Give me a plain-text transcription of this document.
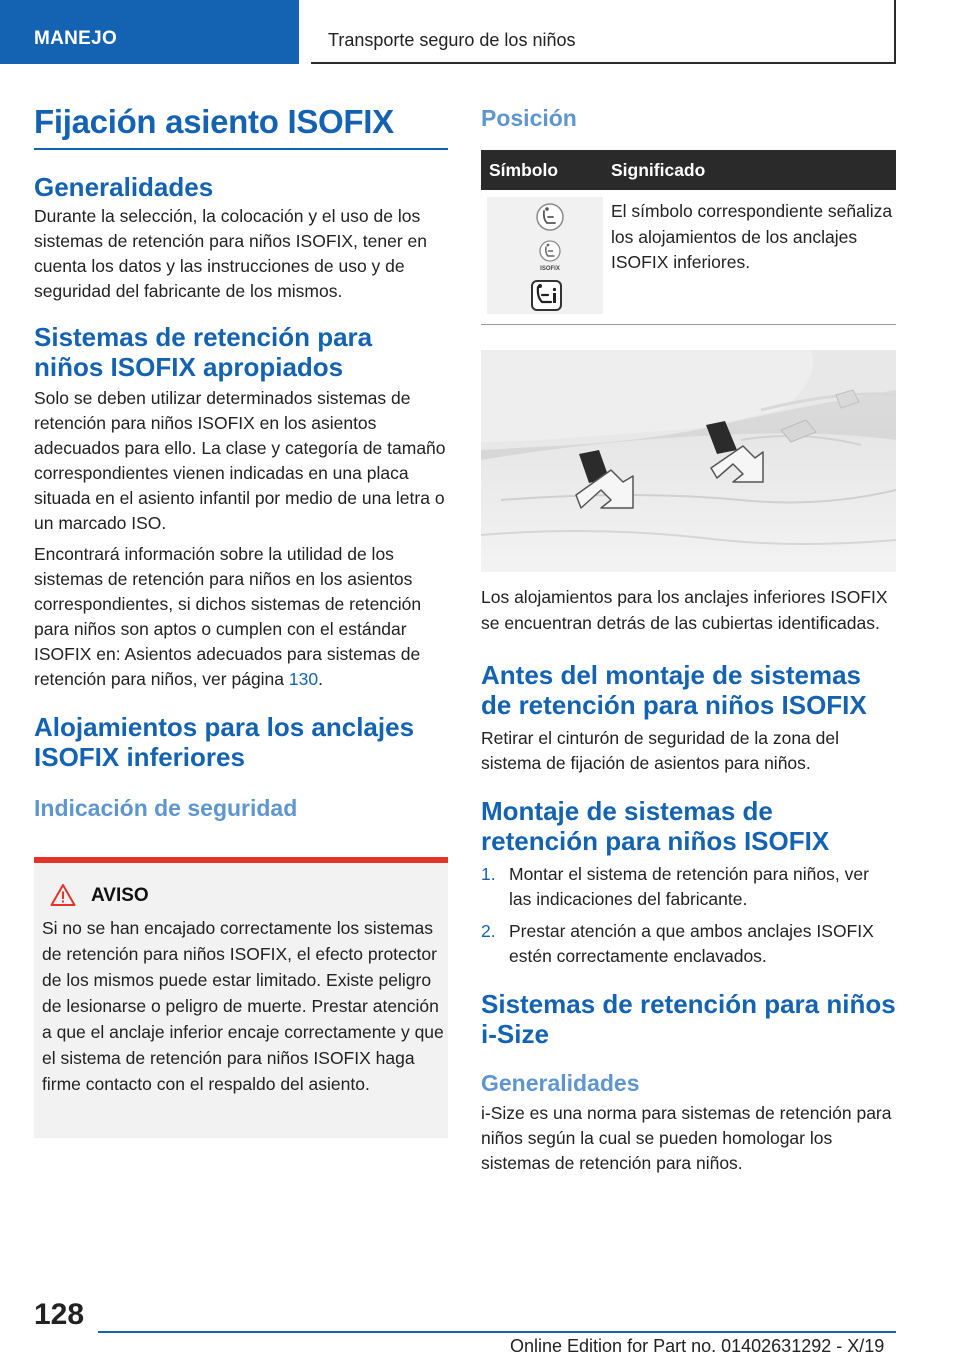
MANEJO	Transporte seguro de los niños
Fijación asiento ISOFIX
Generalidades

Durante la selección, la colocación y el uso de los sistemas de retención para niños ISOFIX, tener en cuenta los datos y las instrucciones de uso y de seguridad del fabricante de los mismos.

Sistemas de retención para niños ISOFIX apropiados

Solo se deben utilizar determinados sistemas de retención para niños ISOFIX en los asientos adecuados para ello. La clase y categoría de tamaño correspondientes vienen indicadas en una placa situada en el asiento infantil por medio de una letra o un marcado ISO.

Encontrará información sobre la utilidad de los sistemas de retención para niños en los asientos correspondientes, si dichos sistemas de retención para niños son aptos o cumplen con el estándar ISOFIX en: Asientos adecuados para sistemas de retención para niños, ver página 130.

Alojamientos para los anclajes ISOFIX inferiores
Indicación de seguridad
AVISO
Si no se han encajado correctamente los sistemas de retención para niños ISOFIX, el efecto protector de los mismos puede estar limitado. Existe peligro de lesionarse o peligro de muerte. Prestar atención a que el anclaje inferior encaje correctamente y que el sistema de retención para niños ISOFIX haga firme contacto con el respaldo del asiento.
Posición
Símbolo	Significado
ISOFIX

El símbolo correspondiente señaliza los alojamientos de los anclajes ISOFIX inferiores.

Los alojamientos para los anclajes inferiores ISOFIX se encuentran detrás de las cubiertas identificadas.

Antes del montaje de sistemas de retención para niños ISOFIX

Retirar el cinturón de seguridad de la zona del sistema de fijación de asientos para niños.

Montaje de sistemas de retención para niños ISOFIX
1. Montar el sistema de retención para niños, ver las indicaciones del fabricante.
2. Prestar atención a que ambos anclajes ISOFIX estén correctamente enclavados.
Sistemas de retención para niños i-Size
Generalidades

i-Size es una norma para sistemas de retención para niños según la cual se pueden homologar los sistemas de retención para niños.

128
Online Edition for Part no. 01402631292 - X/19
